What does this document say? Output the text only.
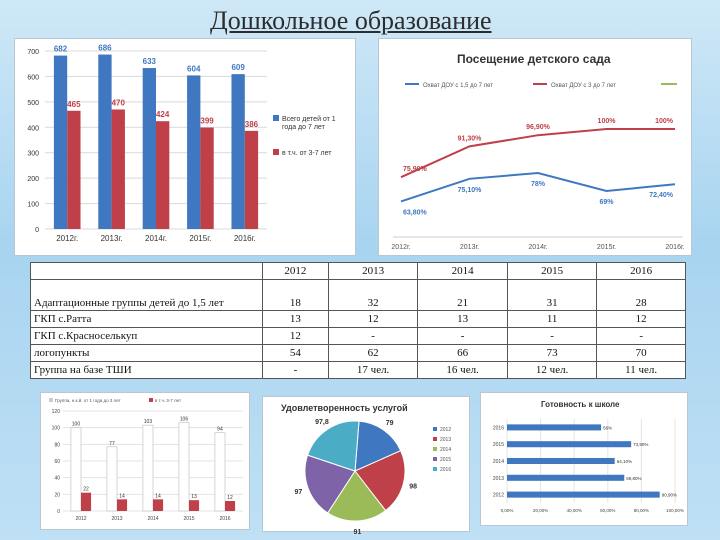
Дошкольное образование
0
100
200
300
400
500
600
700 682
465
2012г.
686
470
2013г.
633
424
2014г.
604
399
2015г.
609
386
2016г.
Всего детей от 1 года до 7 лет
в т.ч. от 3-7 лет
Посещение детского сада
Охват ДОУ с 1,5 до 7 лет	Охват ДОУ с 3 до 7 лет
2012г.	2013г.	2014г.	2015г.	2016г.
63,80%
75,10%
78%
69%
72,40%
75,90%
91,30%
96,90%
100%	100%
	2012	2013	2014	2015	2016
Адаптационные группы детей до 1,5 лет	18	32	21	31	28
ГКП с.Ратта	13	12	13	11	12
ГКП с.Красноселькуп	12	-	-	-	-
логопункты	54	62	66	73	70
Группа на базе ТШИ	-	17 чел.	16 чел.	12 чел.	11 чел.
Группа, н.к.й. от 1 года до 3 лет	в т.ч. 3-7 лет
0
20
40
60
80
100
120
100
22
2012
77
14
2013
103
14
2014
106
13
2015
94
12
2016
Удовлетворенность услугой
79
98
91
97
97,8
2012
2013
2014
2015
2016
Готовность к школе
0,00%	20,00%	40,00%	60,00%	80,00%	100,00%
2016	56%
2015	73,90%
2014	64,10%
2013	69,80%
2012	90,90%
